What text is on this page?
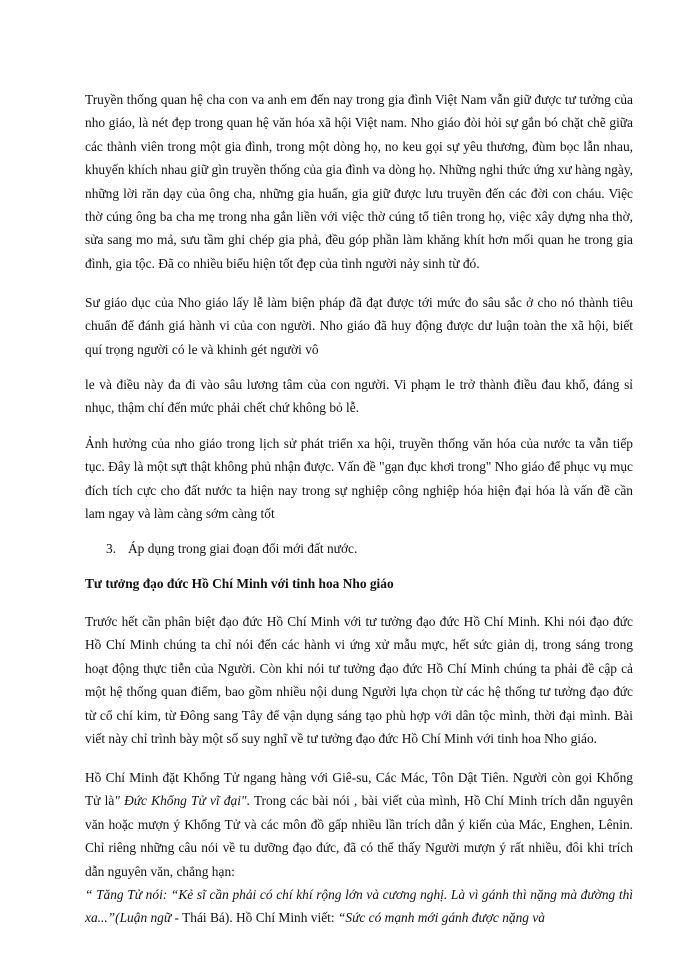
Truyền thống quan hệ cha con va anh em đến nay trong gia đình Việt Nam vẫn giữ được tư tưởng của nho giáo, là nét đẹp trong quan hệ văn hóa xã hội Việt nam. Nho giáo đòi hỏi sự gắn bó chặt chẽ giữa các thành viên trong một gia đình, trong một dòng họ, no keu gọi sự yêu thương, đùm bọc lẫn nhau, khuyến khích nhau giữ gìn truyền thống của gia đình va dòng họ. Những nghi thức ứng xư hàng ngày, những lời răn dạy của ông cha, những gia huấn, gia giữ được lưu truyền đến các đời con cháu. Việc thờ cúng ông ba cha mẹ trong nha gắn liền với việc thờ cúng tổ tiên trong họ, việc xây dựng nha thờ, sửa sang mo mả, sưu tầm ghi chép gia phả, đều góp phần làm khăng khít hơn mối quan he trong gia đình, gia tộc. Đã co nhiều biểu hiện tốt đẹp của tình người nảy sinh từ đó.

Sư giáo dục của Nho giáo lấy lễ làm biện pháp đã đạt được tới mức đo sâu sắc ở cho nó thành tiêu chuẩn để đánh giá hành vi của con người. Nho giáo đã huy động được dư luận toàn the xã hội, biết quí trọng người có le và khinh gét người vô

le và điều này đa đi vào sâu lương tâm của con người. Vi phạm le trở thành điều đau khổ, đáng sỉ nhục, thậm chí đến mức phải chết chứ không bỏ lễ.

Ảnh hưởng của nho giáo trong lịch sử phát triển xa hội, truyền thống văn hóa của nước ta vẫn tiếp tục. Đây là một sựt thật không phủ nhận được. Vấn đề "gạn đục khơi trong" Nho giáo để phục vụ mục đích tích cực cho đất nước ta hiện nay trong sự nghiệp công nghiệp hóa hiện đại hóa là vấn đề cần lam ngay và làm càng sớm càng tốt

3. Áp dụng trong giai đoạn đổi mới đất nước.

Tư tưởng đạo đức Hồ Chí Minh với tinh hoa Nho giáo

Trước hết cần phân biệt đạo đức Hồ Chí Minh với tư tưởng đạo đức Hồ Chí Minh. Khi nói đạo đức Hồ Chí Minh chúng ta chỉ nói đến các hành vi ứng xử mẫu mực, hết sức giản dị, trong sáng trong hoạt động thực tiễn của Người. Còn khi nói tư tưởng đạo đức Hồ Chí Minh chúng ta phải đề cập cả một hệ thống quan điểm, bao gồm nhiều nội dung Người lựa chọn từ các hệ thống tư tưởng đạo đức từ cổ chí kim, từ Đông sang Tây để vận dụng sáng tạo phù hợp với dân tộc mình, thời đại mình. Bài viết này chỉ trình bày một số suy nghĩ về tư tưởng đạo đức Hồ Chí Minh với tinh hoa Nho giáo.

Hồ Chí Minh đặt Khổng Tử ngang hàng với Giê-su, Các Mác, Tôn Dật Tiên. Người còn gọi Khổng Tử là" Đức Khổng Tử vĩ đại". Trong các bài nói , bài viết của mình, Hồ Chí Minh trích dẫn nguyên văn hoặc mượn ý Khổng Tử và các môn đồ gấp nhiều lần trích dẫn ý kiến của Mác, Enghen, Lênin. Chỉ riêng những câu nói về tu dưỡng đạo đức, đã có thể thấy Người mượn ý rất nhiều, đôi khi trích dẫn nguyên văn, chẳng hạn:
“ Tăng Tử nói: “Kẻ sĩ cần phải có chí khí rộng lớn và cương nghị. Là vì gánh thì nặng mà đường thì xa...”(Luận ngữ - Thái Bá). Hồ Chí Minh viết: “Sức có mạnh mới gánh được nặng và
